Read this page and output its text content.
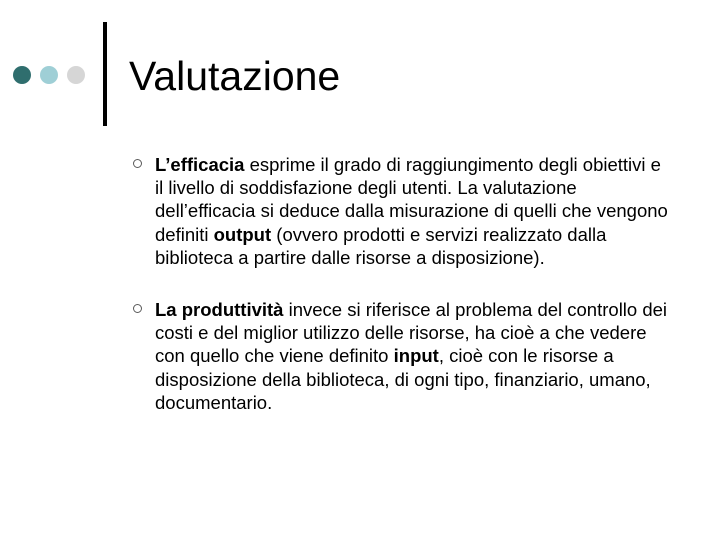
Valutazione
L’efficacia esprime il grado di raggiungimento degli obiettivi e il livello di soddisfazione degli utenti. La valutazione dell’efficacia si deduce dalla misurazione di quelli che vengono definiti output (ovvero prodotti e servizi realizzato dalla biblioteca a partire dalle risorse a disposizione).
La produttività invece si riferisce al problema del controllo dei costi e del miglior utilizzo delle risorse, ha cioè a che vedere con quello che viene definito input, cioè con le risorse a disposizione della biblioteca, di ogni tipo, finanziario, umano, documentario.
